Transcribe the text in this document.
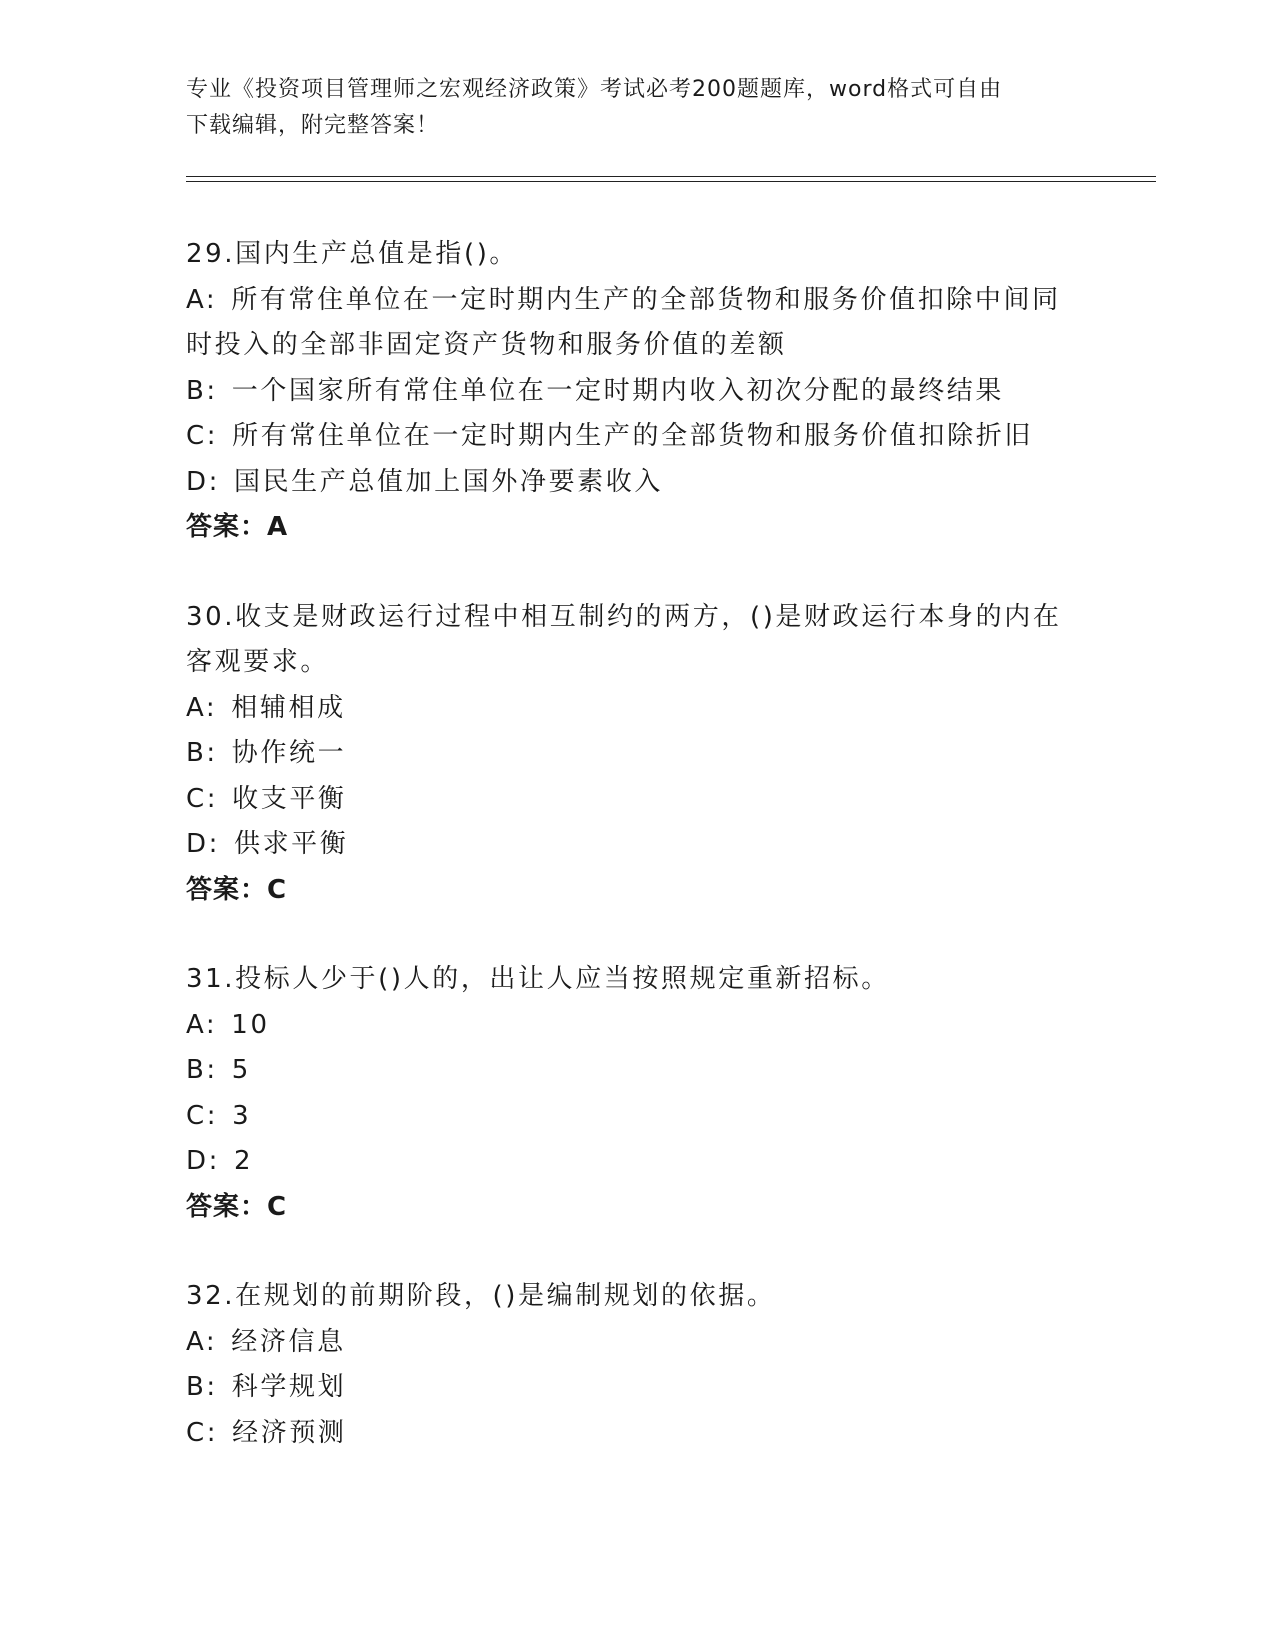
专业《投资项目管理师之宏观经济政策》考试必考200题题库，word格式可自由
下载编辑，附完整答案！
29.国内生产总值是指()。
A: 所有常住单位在一定时期内生产的全部货物和服务价值扣除中间同
时投入的全部非固定资产货物和服务价值的差额
B: 一个国家所有常住单位在一定时期内收入初次分配的最终结果
C: 所有常住单位在一定时期内生产的全部货物和服务价值扣除折旧
D: 国民生产总值加上国外净要素收入
答案：A
30.收支是财政运行过程中相互制约的两方，()是财政运行本身的内在
客观要求。
A: 相辅相成
B: 协作统一
C: 收支平衡
D: 供求平衡
答案：C
31.投标人少于()人的，出让人应当按照规定重新招标。
A: 10
B: 5
C: 3
D: 2
答案：C
32.在规划的前期阶段，()是编制规划的依据。
A: 经济信息
B: 科学规划
C: 经济预测
